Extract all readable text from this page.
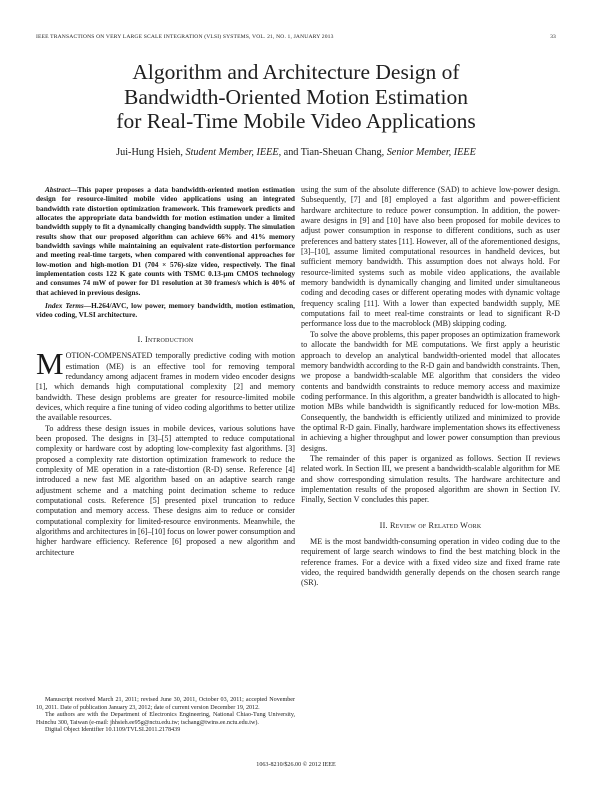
IEEE TRANSACTIONS ON VERY LARGE SCALE INTEGRATION (VLSI) SYSTEMS, VOL. 21, NO. 1, JANUARY 2013	33
Algorithm and Architecture Design of
Bandwidth-Oriented Motion Estimation
for Real-Time Mobile Video Applications
Jui-Hung Hsieh, Student Member, IEEE, and Tian-Sheuan Chang, Senior Member, IEEE

Abstract—This paper proposes a data bandwidth-oriented motion estimation design for resource-limited mobile video applications using an integrated bandwidth rate distortion optimization framework. This framework predicts and allocates the appropriate data bandwidth for motion estimation under a limited bandwidth supply to fit a dynamically changing bandwidth supply. The simulation results show that our proposed algorithm can achieve 66% and 41% memory bandwidth savings while maintaining an equivalent rate-distortion performance and meeting real-time targets, when compared with conventional approaches for low-motion and high-motion D1 (704 × 576)-size video, respectively. The final implementation costs 122 K gate counts with TSMC 0.13-μm CMOS technology and consumes 74 mW of power for D1 resolution at 30 frames/s which is 40% of that achieved in previous designs.

Index Terms—H.264/AVC, low power, memory bandwidth, motion estimation, video coding, VLSI architecture.

I. Introduction

MOTION-COMPENSATED temporally predictive coding with motion estimation (ME) is an effective tool for removing temporal redundancy among adjacent frames in modern video encoder designs [1], which demands high computational complexity [2] and memory bandwidth. These design problems are greater for resource-limited mobile devices, which require a fine tuning of video coding algorithms to better utilize the available resources.

To address these design issues in mobile devices, various solutions have been proposed. The designs in [3]–[5] attempted to reduce computational complexity or hardware cost by adopting low-complexity fast algorithms. [3] proposed a complexity rate distortion optimization framework to reduce the complexity of ME operation in a rate-distortion (R-D) sense. Reference [4] introduced a new fast ME algorithm based on an adaptive search range adjustment scheme and a matching point decimation scheme to reduce computational costs. Reference [5] presented pixel truncation to reduce computation and memory access. These designs aim to reduce or consider computational complexity for limited-resource environments. Meanwhile, the algorithms and architectures in [6]–[10] focus on lower power consumption and higher hardware efficiency. Reference [6] proposed a new algorithm and architecture

using the sum of the absolute difference (SAD) to achieve low-power design. Subsequently, [7] and [8] employed a fast algorithm and power-efficient hardware architecture to reduce power consumption. In addition, the power-aware designs in [9] and [10] have also been proposed for mobile devices to adjust power consumption in response to different conditions, such as user preferences and battery states [11]. However, all of the aforementioned designs, [3]–[10], assume limited computational resources in handheld devices, but sufficient memory bandwidth. This assumption does not always hold. For resource-limited systems such as mobile video applications, the available memory bandwidth is dynamically changing and limited under simultaneous coding and decoding cases or different operating modes with dynamic voltage frequency scaling [11]. With a lower than expected bandwidth supply, ME computations fail to meet real-time constraints or lead to significant R-D performance loss due to the macroblock (MB) skipping coding.

To solve the above problems, this paper proposes an optimization framework to allocate the bandwidth for ME computations. We first apply a heuristic approach to develop an analytical bandwidth-oriented model that allocates memory bandwidth according to the R-D gain and bandwidth constraints. Then, we propose a bandwidth-scalable ME algorithm that considers the video contents and bandwidth constraints to reduce memory access and maximize coding performance. In this algorithm, a greater bandwidth is allocated to high-motion MBs while bandwidth is significantly reduced for low-motion MBs. Consequently, the bandwidth is efficiently utilized and minimized to provide the optimal R-D gain. Finally, hardware implementation shows its effectiveness in achieving a higher throughput and lower power consumption than previous designs.

The remainder of this paper is organized as follows. Section II reviews related work. In Section III, we present a bandwidth-scalable algorithm for ME and show corresponding simulation results. The hardware architecture and implementation results of the proposed algorithm are shown in Section IV. Finally, Section V concludes this paper.

II. Review of Related Work

ME is the most bandwidth-consuming operation in video coding due to the requirement of large search windows to find the best matching block in the reference frames. For a device with a fixed video size and fixed frame rate video, the required bandwidth generally depends on the chosen search range (SR).

Manuscript received March 21, 2011; revised June 30, 2011, October 03, 2011; accepted November 10, 2011. Date of publication January 23, 2012; date of current version December 19, 2012.

The authors are with the Department of Electronics Engineering, National Chiao-Tung University, Hsinchu 300, Taiwan (e-mail: jhhsieh.ee95g@nctu.edu.tw; tschang@twins.ee.nctu.edu.tw).

Digital Object Identifier 10.1109/TVLSI.2011.2178439

1063-8210/$26.00 © 2012 IEEE
